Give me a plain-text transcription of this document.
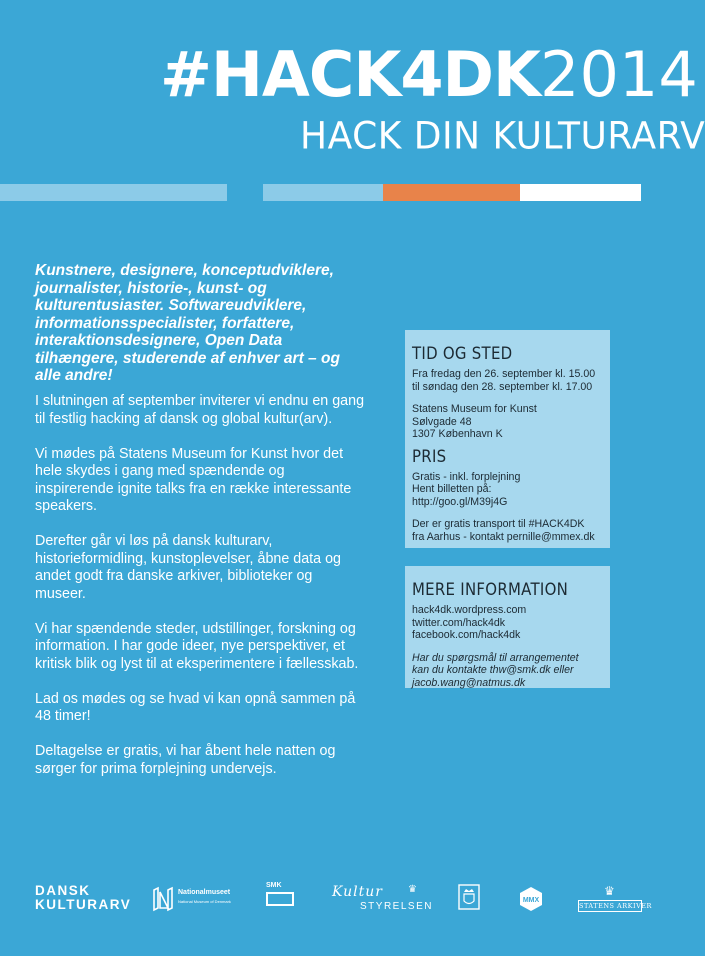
#HACK4DK2014
HACK DIN KULTURARV
Kunstnere, designere, konceptudviklere, journalister, historie-, kunst- og kulturentusiaster. Softwareudviklere, informationsspecialister, forfattere, interaktionsdesignere, Open Data tilhængere, studerende af enhver art – og alle andre!

I slutningen af september inviterer vi endnu en gang til festlig hacking af dansk og global kultur(arv).

Vi mødes på Statens Museum for Kunst hvor det hele skydes i gang med spændende og inspirerende ignite talks fra en række interessante speakers.

Derefter går vi løs på dansk kulturarv, historieformidling, kunstoplevelser, åbne data og andet godt fra danske arkiver, biblioteker og museer.

Vi har spændende steder, udstillinger, forskning og information. I har gode ideer, nye perspektiver, et kritisk blik og lyst til at eksperimentere i fællesskab.

Lad os mødes og se hvad vi kan opnå sammen på 48 timer!

Deltagelse er gratis, vi har åbent hele natten og sørger for prima forplejning undervejs.

TID OG STED
Fra fredag den 26. september kl. 15.00
til søndag den 28. september kl. 17.00
Statens Museum for Kunst
Sølvgade 48
1307 København K
PRIS
Gratis - inkl. forplejning
Hent billetten på:
http://goo.gl/M39j4G
Der er gratis transport til #HACK4DK
fra Aarhus - kontakt pernille@mmex.dk
MERE INFORMATION
hack4dk.wordpress.com
twitter.com/hack4dk
facebook.com/hack4dk
Har du spørgsmål til arrangementet
kan du kontakte thw@smk.dk eller
jacob.wang@natmus.dk
DANSK
KULTURARV
Nationalmuseet
National Museum of Denmark
SMK	Kultur	♛
STYRELSEN
MMX
♛
STATENS ARKIVER
